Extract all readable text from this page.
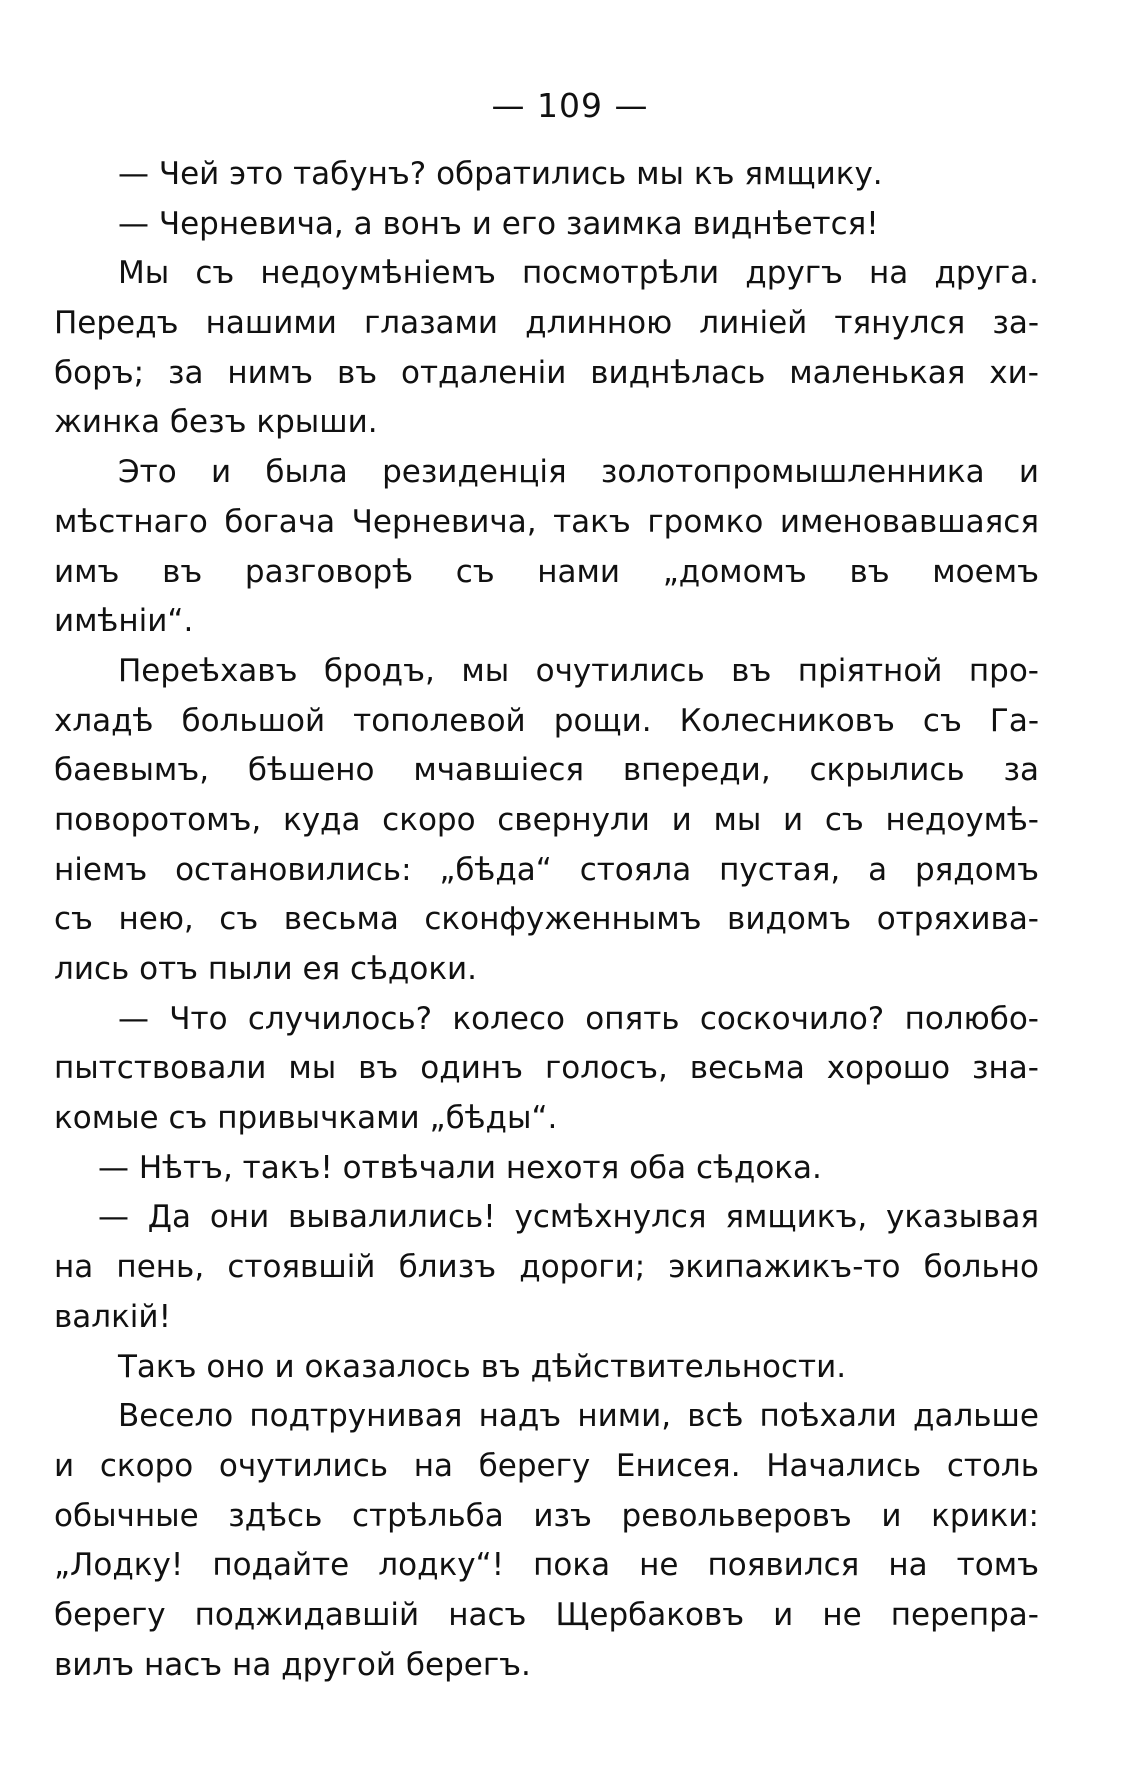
— 109 —
— Чей это табунъ? обратились мы къ ямщику.
— Черневича, а вонъ и его заимка виднѣется!
Мы съ недоумѣніемъ посмотрѣли другъ на друга.
Передъ нашими глазами длинною линіей тянулся за-
боръ; за нимъ въ отдаленіи виднѣлась маленькая хи-
жинка безъ крыши.
Это и была резиденція золотопромышленника и
мѣстнаго богача Черневича, такъ громко именовавшаяся
имъ въ разговорѣ съ нами „домомъ въ моемъ
имѣніи“.
Переѣхавъ бродъ, мы очутились въ пріятной про-
хладѣ большой тополевой рощи. Колесниковъ съ Га-
баевымъ, бѣшено мчавшіеся впереди, скрылись за
поворотомъ, куда скоро свернули и мы и съ недоумѣ-
ніемъ остановились: „бѣда“ стояла пустая, а рядомъ
съ нею, съ весьма сконфуженнымъ видомъ отряхива-
лись отъ пыли ея сѣдоки.
— Что случилось? колесо опять соскочило? полюбо-
пытствовали мы въ одинъ голосъ, весьма хорошо зна-
комые съ привычками „бѣды“.
— Нѣтъ, такъ! отвѣчали нехотя оба сѣдока.
— Да они вывалились! усмѣхнулся ямщикъ, указывая
на пень, стоявшій близъ дороги; экипажикъ-то больно
валкій!
Такъ оно и оказалось въ дѣйствительности.
Весело подтрунивая надъ ними, всѣ поѣхали дальше
и скоро очутились на берегу Енисея. Начались столь
обычные здѣсь стрѣльба изъ револьверовъ и крики:
„Лодку! подайте лодку“! пока не появился на томъ
берегу поджидавшій насъ Щербаковъ и не перепра-
вилъ насъ на другой берегъ.
